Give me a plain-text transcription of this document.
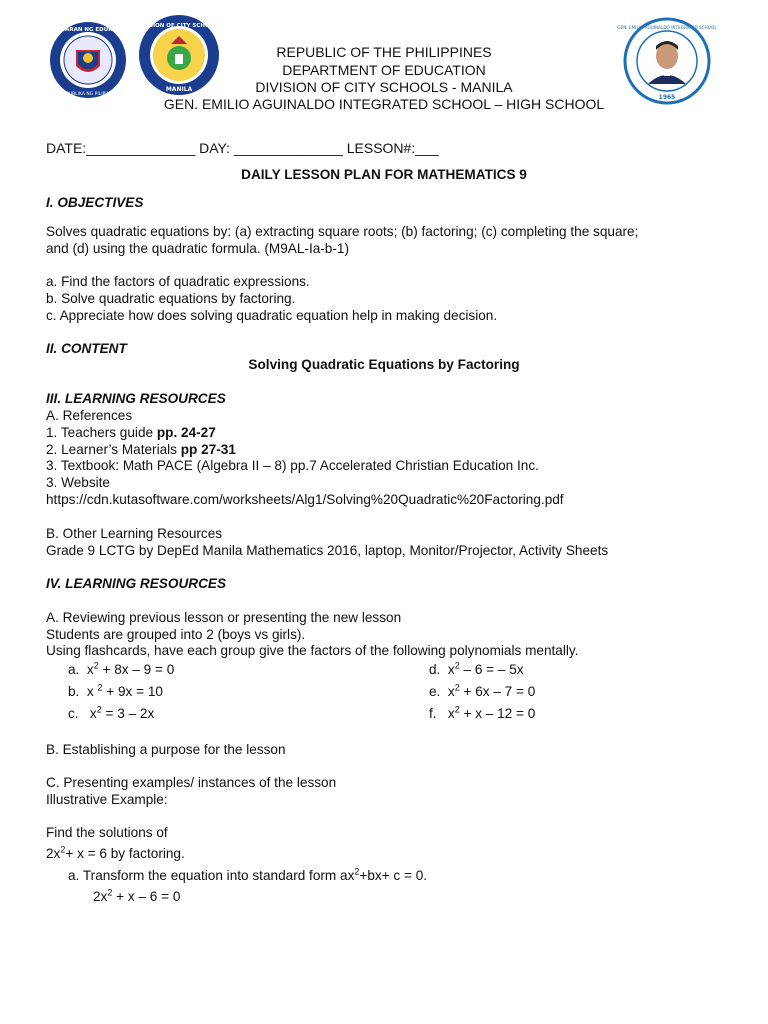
KAGAWARAN NG EDUKASYON
REPUBLIKA NG PILIPINAS
DIVISION OF CITY SCHOOLS
MANILA
GEN. EMILIO AGUINALDO INTEGRATED SCHOOL
1965
REPUBLIC OF THE PHILIPPINES
DEPARTMENT OF EDUCATION
DIVISION OF CITY SCHOOLS - MANILA
GEN. EMILIO AGUINALDO INTEGRATED SCHOOL – HIGH SCHOOL
DATE:______________ DAY: ______________ LESSON#:___
DAILY LESSON PLAN FOR MATHEMATICS 9
I. OBJECTIVES
Solves quadratic equations by: (a) extracting square roots; (b) factoring; (c) completing the square;
and (d) using the quadratic formula. (M9AL-Ia-b-1)
a. Find the factors of quadratic expressions.
b. Solve quadratic equations by factoring.
c. Appreciate how does solving quadratic equation help in making decision.
II. CONTENT
Solving Quadratic Equations by Factoring
III. LEARNING RESOURCES
A. References
1. Teachers guide pp. 24-27
2. Learner’s Materials pp 27-31
3. Textbook: Math PACE (Algebra II – 8) pp.7 Accelerated Christian Education Inc.
3. Website
https://cdn.kutasoftware.com/worksheets/Alg1/Solving%20Quadratic%20Factoring.pdf
B. Other Learning Resources
Grade 9 LCTG by DepEd Manila Mathematics 2016, laptop, Monitor/Projector, Activity Sheets
IV. LEARNING RESOURCES
A. Reviewing previous lesson or presenting the new lesson
Students are grouped into 2 (boys vs girls).
Using flashcards, have each group give the factors of the following polynomials mentally.
a. $x^2 + 8x - 9 = 0$
b. x $^2$ + 9x = 10
c. $x^2 = 3 - 2x$
d. $x^2 - 6$ = – 5x
e. $x^2 + 6x - 7 = 0$
f. $x^2 + x - 12 = 0$
B. Establishing a purpose for the lesson
C. Presenting examples/ instances of the lesson
Illustrative Example:
Find the solutions of
$2x^2+ x = 6$ by factoring.
a. Transform the equation into standard form $ax^2+bx+ c = 0$.
$2x^2 + x - 6 = 0$
